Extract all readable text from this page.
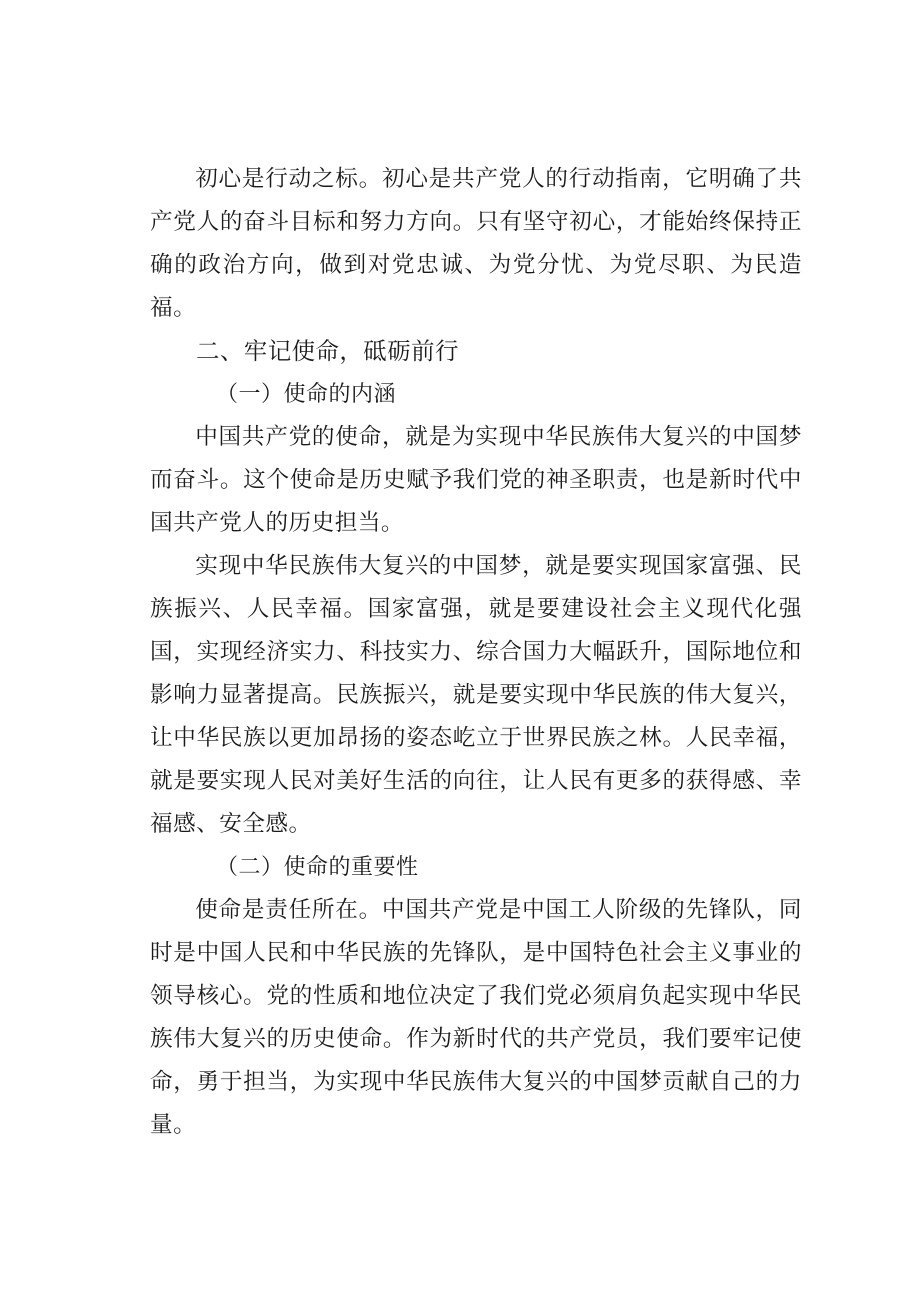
初心是行动之标。初心是共产党人的行动指南，它明确了共产党人的奋斗目标和努力方向。只有坚守初心，才能始终保持正确的政治方向，做到对党忠诚、为党分忧、为党尽职、为民造福。

二、牢记使命，砥砺前行
（一）使命的内涵

中国共产党的使命，就是为实现中华民族伟大复兴的中国梦而奋斗。这个使命是历史赋予我们党的神圣职责，也是新时代中国共产党人的历史担当。

实现中华民族伟大复兴的中国梦，就是要实现国家富强、民族振兴、人民幸福。国家富强，就是要建设社会主义现代化强国，实现经济实力、科技实力、综合国力大幅跃升，国际地位和影响力显著提高。民族振兴，就是要实现中华民族的伟大复兴，让中华民族以更加昂扬的姿态屹立于世界民族之林。人民幸福，就是要实现人民对美好生活的向往，让人民有更多的获得感、幸福感、安全感。

（二）使命的重要性

使命是责任所在。中国共产党是中国工人阶级的先锋队，同时是中国人民和中华民族的先锋队，是中国特色社会主义事业的领导核心。党的性质和地位决定了我们党必须肩负起实现中华民族伟大复兴的历史使命。作为新时代的共产党员，我们要牢记使命，勇于担当，为实现中华民族伟大复兴的中国梦贡献自己的力量。
